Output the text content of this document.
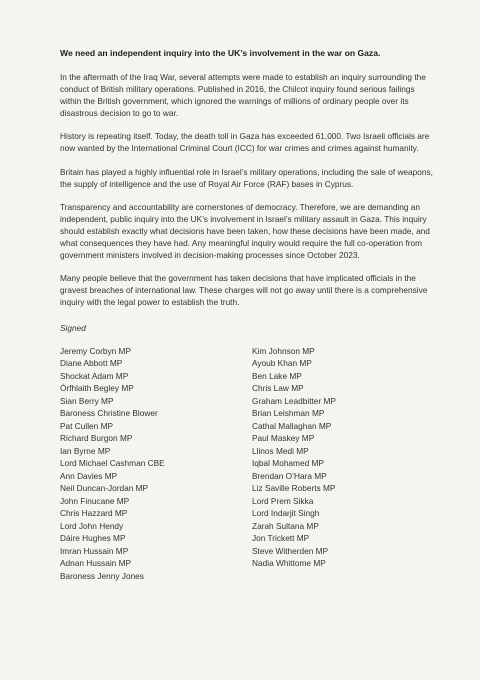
We need an independent inquiry into the UK’s involvement in the war on Gaza.

In the aftermath of the Iraq War, several attempts were made to establish an inquiry surrounding the conduct of British military operations. Published in 2016, the Chilcot inquiry found serious failings within the British government, which ignored the warnings of millions of ordinary people over its disastrous decision to go to war.

History is repeating itself. Today, the death toll in Gaza has exceeded 61,000. Two Israeli officials are now wanted by the International Criminal Court (ICC) for war crimes and crimes against humanity.

Britain has played a highly influential role in Israel’s military operations, including the sale of weapons, the supply of intelligence and the use of Royal Air Force (RAF) bases in Cyprus.

Transparency and accountability are cornerstones of democracy. Therefore, we are demanding an independent, public inquiry into the UK’s involvement in Israel’s military assault in Gaza. This inquiry should establish exactly what decisions have been taken, how these decisions have been made, and what consequences they have had. Any meaningful inquiry would require the full co-operation from government ministers involved in decision-making processes since October 2023.

Many people believe that the government has taken decisions that have implicated officials in the gravest breaches of international law. These charges will not go away until there is a comprehensive inquiry with the legal power to establish the truth.

Signed

Jeremy Corbyn MP
Diane Abbott MP
Shockat Adam MP
Órfhlaith Begley MP
Sian Berry MP
Baroness Christine Blower
Pat Cullen MP
Richard Burgon MP
Ian Byrne MP
Lord Michael Cashman CBE
Ann Davies MP
Neil Duncan-Jordan MP
John Finucane MP
Chris Hazzard MP
Lord John Hendy
Dáire Hughes MP
Imran Hussain MP
Adnan Hussain MP
Baroness Jenny Jones
Kim Johnson MP
Ayoub Khan MP
Ben Lake MP
Chris Law MP
Graham Leadbitter MP
Brian Leishman MP
Cathal Mallaghan MP
Paul Maskey MP
Llinos Medi MP
Iqbal Mohamed MP
Brendan O’Hara MP
Liz Saville Roberts MP
Lord Prem Sikka
Lord Indarjit Singh
Zarah Sultana MP
Jon Trickett MP
Steve Witherden MP
Nadia Whittome MP
